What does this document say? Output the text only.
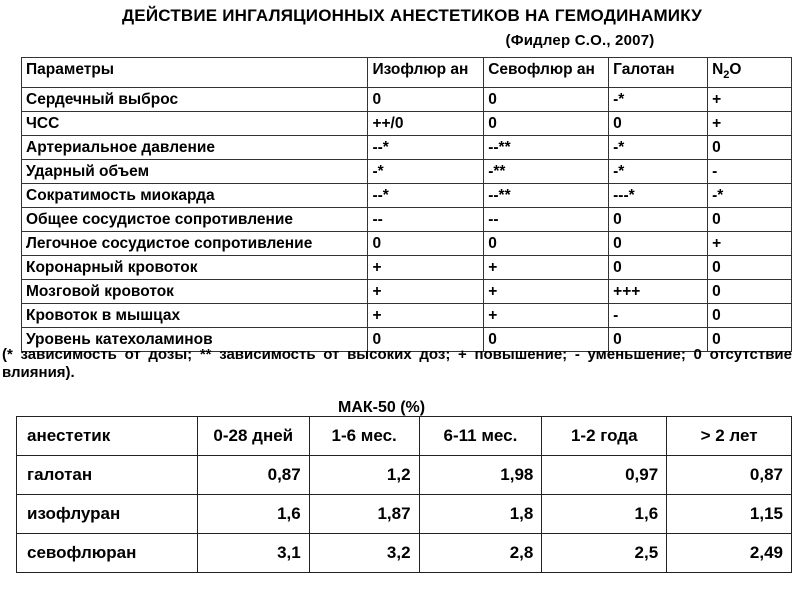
ДЕЙСТВИЕ ИНГАЛЯЦИОННЫХ АНЕСТЕТИКОВ НА ГЕМОДИНАМИКУ
(Фидлер С.О., 2007)
Параметры	Изофлюр ан	Севофлюр ан	Галотан	$N_2O$
Сердечный выброс	0	0	-*	+
ЧСС	++/0	0	0	+
Артериальное давление	--*	--**	-*	0
Ударный объем	-*	-**	-*	-
Сократимость миокарда	--*	--**	---*	-*
Общее сосудистое сопротивление	--	--	0	0
Легочное сосудистое сопротивление	0	0	0	+
Коронарный кровоток	+	+	0	0
Мозговой кровоток	+	+	+++	0
Кровоток в мышцах	+	+	-	0
Уровень катехоламинов	0	0	0	0
МАК-50 (%)
(* зависимость от дозы; ** зависимость от высоких доз; + повышение; - уменьшение; 0 отсутствие влияния).
анестетик	0-28 дней	1-6 мес.	6-11 мес.	1-2 года	> 2 лет
галотан	0,87	1,2	1,98	0,97	0,87
изофлуран	1,6	1,87	1,8	1,6	1,15
севофлюран	3,1	3,2	2,8	2,5	2,49
